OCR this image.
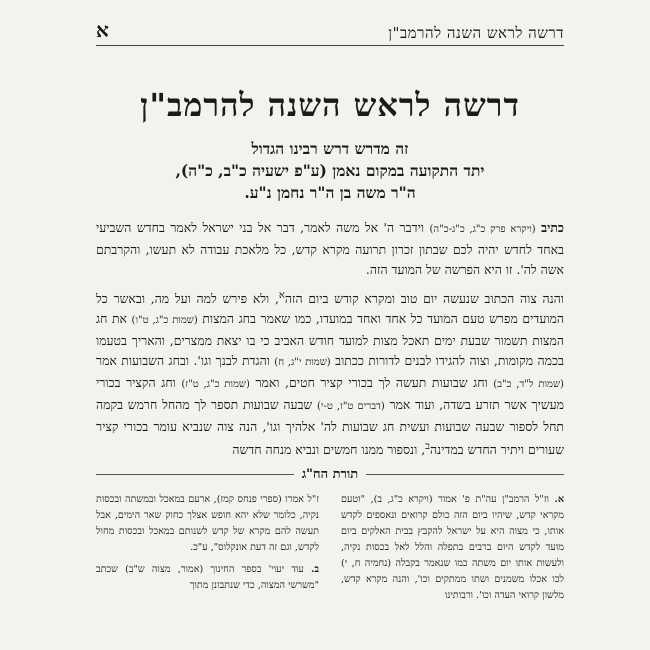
דרשה לראש השנה להרמב"ן
א
דרשה לראש השנה להרמב"ן
זה מדרש דרש רבינו הגדול
יתד התקועה במקום נאמן (ע"פ ישעיה כ"ב, כ"ה),
ה"ר משה בן ה"ר נחמן נ"ע.

כתיב (ויקרא פרק כ"ג, כ"ג-כ"ה) וידבר ה' אל משה לאמר, דבר אל בני ישראל לאמר בחדש השביעי באחד לחדש יהיה לכם שבתון זכרון תרועה מקרא קדש, כל מלאכת עבודה לא תעשו, והקרבתם אשה לה'. זו היא הפרשה של המועד הזה.

והנה צוה הכתוב שנעשה יום טוב ומקרא קודש ביום הזה$^א$, ולא פירש למה ועל מה, ובאשר כל המועדים מפרש טעם המועד כל אחד ואחד במועדו, כמו שאמר בחג המצות (שמות כ"ג, ט"ו) את חג המצות תשמור שבעת ימים תאכל מצות למועד חודש האביב כי בו יצאת ממצרים, והאריך בטעמו בכמה מקומות, וצוה להגידו לבנים לדורות ככתוב (שמות י"ג, ח) והגדת לבנך וגו'. ובחג השבועות אמר (שמות ל"ד, כ"ב) וחג שבועות תעשה לך בכורי קציר חטים, ואמר (שמות כ"ג, ט"ז) וחג הקציר בכורי מעשיך אשר תזרע בשדה, ועוד אמר (דברים ט"ז, ט-י) שבעה שבועות תספר לך מהחל חרמש בקמה תחל לספור שבעה שבועות ועשית חג שבועות לה' אלהיך וגו', הנה צוה שנביא עומר בכורי קציר שעורים ויתיר החדש במדינה$^ב$, ונספור ממנו חמשים ונביא מנחה חדשה

תורת הח"ג

א. וז"ל הרמב"ן עה"ת פ' אמור (ויקרא כ"ג, ב), "וטעם מקראי קדש, שיהיו ביום הזה כולם קרואים ונאספים לקדש אותו, כי מצוה היא על ישראל להקבץ בבית האלקים ביום מועד לקדש היום ברבים בתפלה והלל לאל בכסות נקיה, ולעשות אותו יום משתה כמו שנאמר בקבלה (נחמיה ח, י) לכו אכלו משמנים ושתו ממתקים וכו', והנה מקרא קדש, מלשון קרואי העדה וכו'. ורבותינו

ז"ל אמרו (ספרי פנחס קמז), ארעם במאכל ובמשתה ובכסות נקיה, כלומר שלא יהא חופש אצלך כחוק שאר הימים, אבל תעשה להם מקרא של קדש לשנותם במאכל ובכסות מחול לקדש, וגם זה דעת אונקלוס", ע"כ.

ב. עוד יעוי' בספר החינוך (אמור, מצוה ש"ב) שכתב "משרשי המצוה, כדי שנתבונן מתוך
